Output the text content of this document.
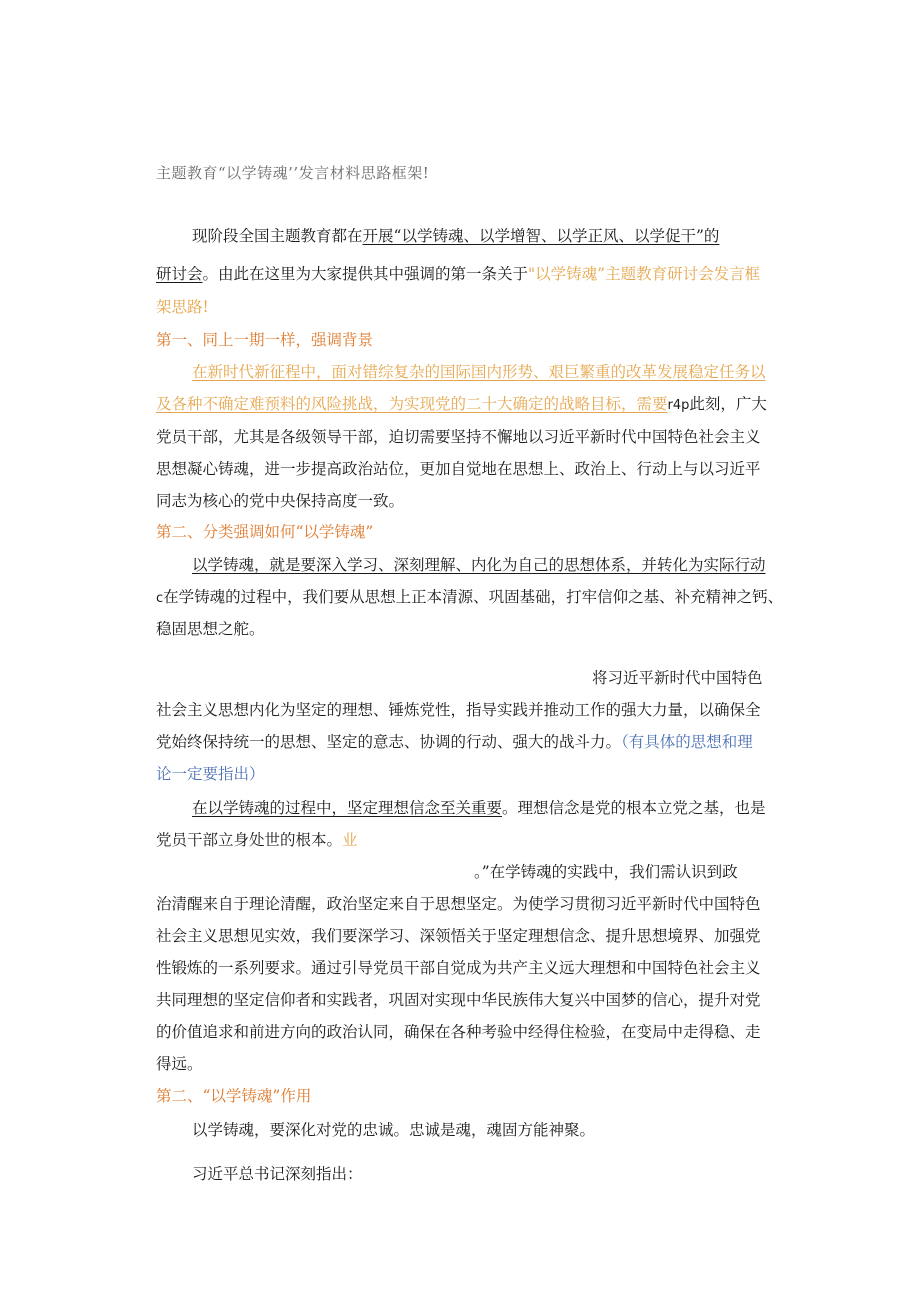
主题教育“以学铸魂’’发言材料思路框架!
现阶段全国主题教育都在开展“以学铸魂、以学增智、以学正风、以学促干”的
研讨会。由此在这里为大家提供其中强调的第一条关于"以学铸魂”主题教育研讨会发言框
架思路!
第一、同上一期一样，强调背景
在新时代新征程中，面对错综复杂的国际国内形势、艰巨繁重的改革发展稳定任务以
及各种不确定难预料的风险挑战，为实现党的二十大确定的战略目标，需要r4p此刻，广大
党员干部，尤其是各级领导干部，迫切需要坚持不懈地以习近平新时代中国特色社会主义
思想凝心铸魂，进一步提高政治站位，更加自觉地在思想上、政治上、行动上与以习近平
同志为核心的党中央保持高度一致。
第二、分类强调如何“以学铸魂”
以学铸魂，就是要深入学习、深刻理解、内化为自己的思想体系，并转化为实际行动
c在学铸魂的过程中，我们要从思想上正本清源、巩固基础，打牢信仰之基、补充精神之钙、
稳固思想之舵。
将习近平新时代中国特色
社会主义思想内化为坚定的理想、锤炼党性，指导实践并推动工作的强大力量，以确保全
党始终保持统一的思想、坚定的意志、协调的行动、强大的战斗力。（有具体的思想和理
论一定要指出）
在以学铸魂的过程中，坚定理想信念至关重要。理想信念是党的根本立党之基，也是
党员干部立身处世的根本。业
。”在学铸魂的实践中，我们需认识到政
治清醒来自于理论清醒，政治坚定来自于思想坚定。为使学习贯彻习近平新时代中国特色
社会主义思想见实效，我们要深学习、深领悟关于坚定理想信念、提升思想境界、加强党
性锻炼的一系列要求。通过引导党员干部自觉成为共产主义远大理想和中国特色社会主义
共同理想的坚定信仰者和实践者，巩固对实现中华民族伟大复兴中国梦的信心，提升对党
的价值追求和前进方向的政治认同，确保在各种考验中经得住检验，在变局中走得稳、走
得远。
第二、“以学铸魂”作用
以学铸魂，要深化对党的忠诚。忠诚是魂，魂固方能神聚。
习近平总书记深刻指出：
